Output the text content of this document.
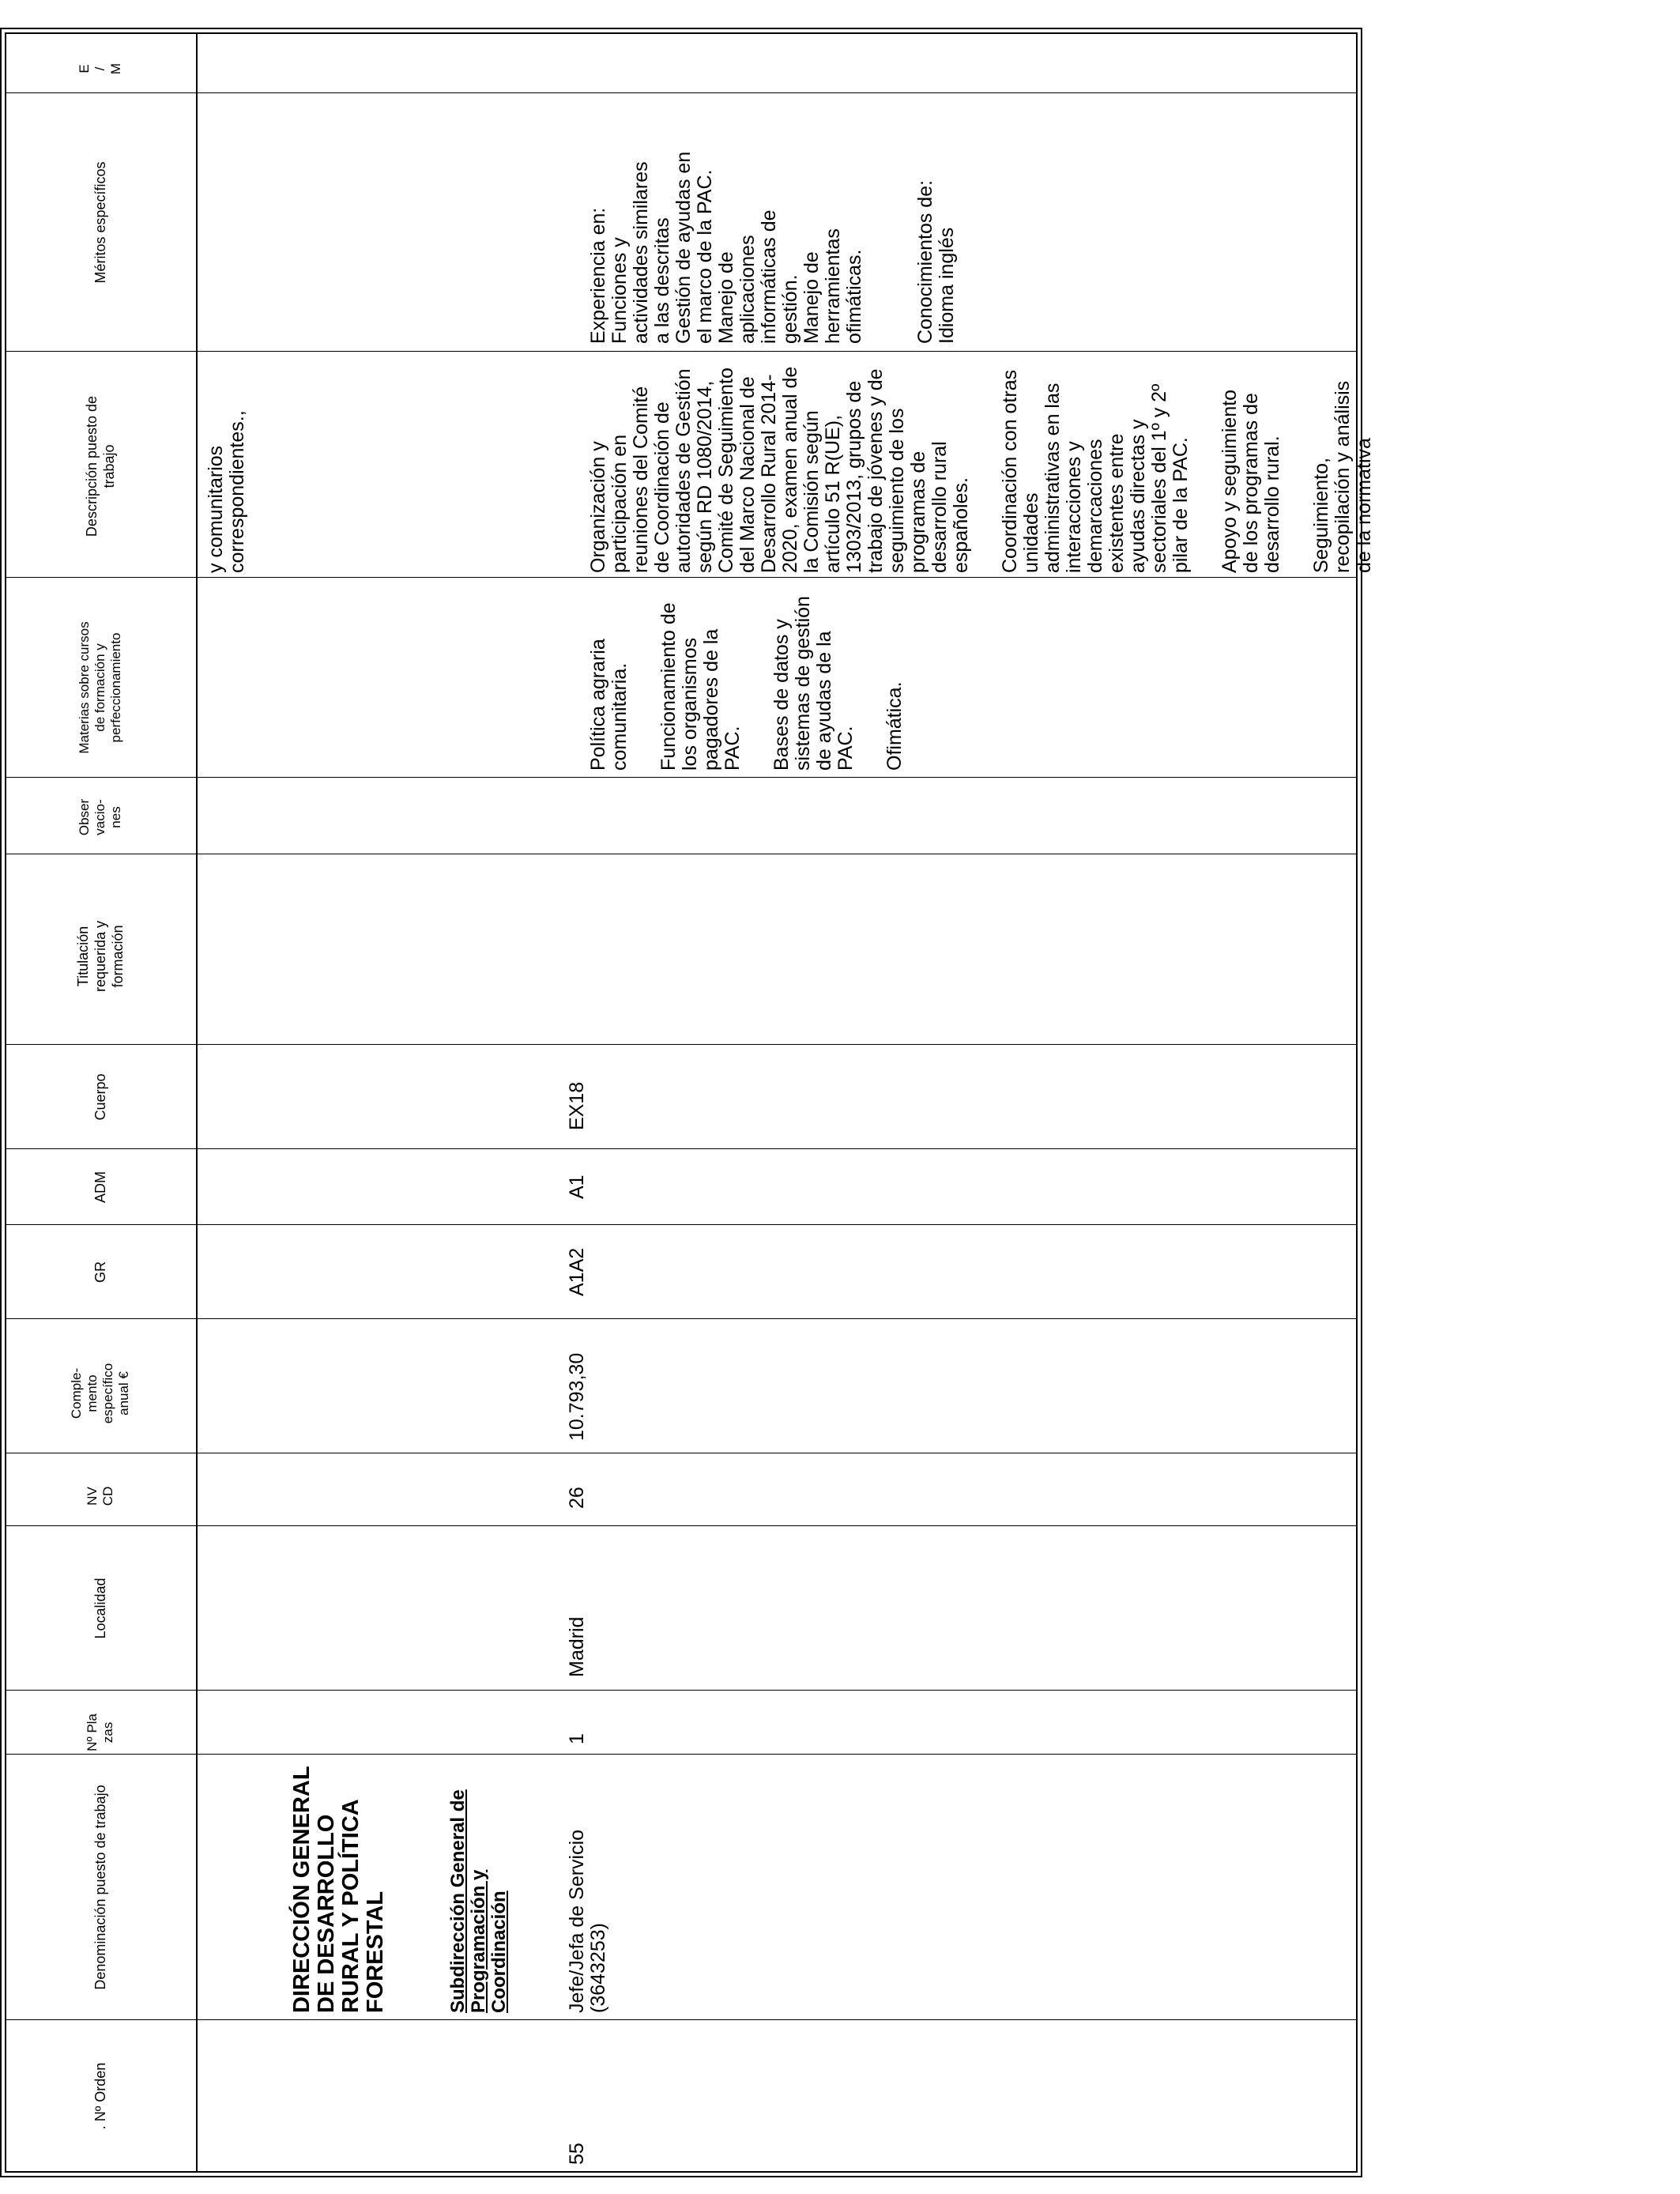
. Nº Orden
Denominación puesto de trabajo
Nº Pla zas
Localidad
NV CD
Comple- mento específico anual €
GR
ADM
Cuerpo
Titulación requerida y formación
Obser vacio- nes
Materias sobre cursos de formación y perfeccionamiento
Descripción puesto de trabajo
Méritos específicos
E / M
y comunitarios
correspondientes.,
DIRECCIÓN GENERAL
DE DESARROLLO
RURAL Y POLÍTICA
FORESTAL	Subdirección General de
Programación y
Coordinación
55
Jefe/Jefa de Servicio
(3643253)
1
Madrid
26
10.793,30
A1A2
A1
EX18

Política agraria
comunitaria. Funcionamiento de
los organismos
pagadores de la
PAC. Bases de datos y
sistemas de gestión
de ayudas de la
PAC. Ofimática.

Organización y
participación en
reuniones del Comité
de Coordinación de
autoridades de Gestión
según RD 1080/2014,
Comité de Seguimiento
del Marco Nacional de
Desarrollo Rural 2014-
2020, examen anual de
la Comisión según
artículo 51 R(UE),
1303/2013, grupos de
trabajo de jóvenes y de
seguimiento de los
programas de
desarrollo rural
españoles. Coordinación con otras
unidades
administrativas en las
interacciones y
demarcaciones
existentes entre
ayudas directas y
sectoriales del 1º y 2º
pilar de la PAC.

Apoyo y seguimiento
de los programas de
desarrollo rural. Seguimiento,
recopilación y análisis
de la normativa

Experiencia en:
Funciones y
actividades similares
a las descritas
Gestión de ayudas en
el marco de la PAC.
Manejo de
aplicaciones
informáticas de
gestión.
Manejo de
herramientas
ofimáticas. Conocimientos de:
Idioma inglés
